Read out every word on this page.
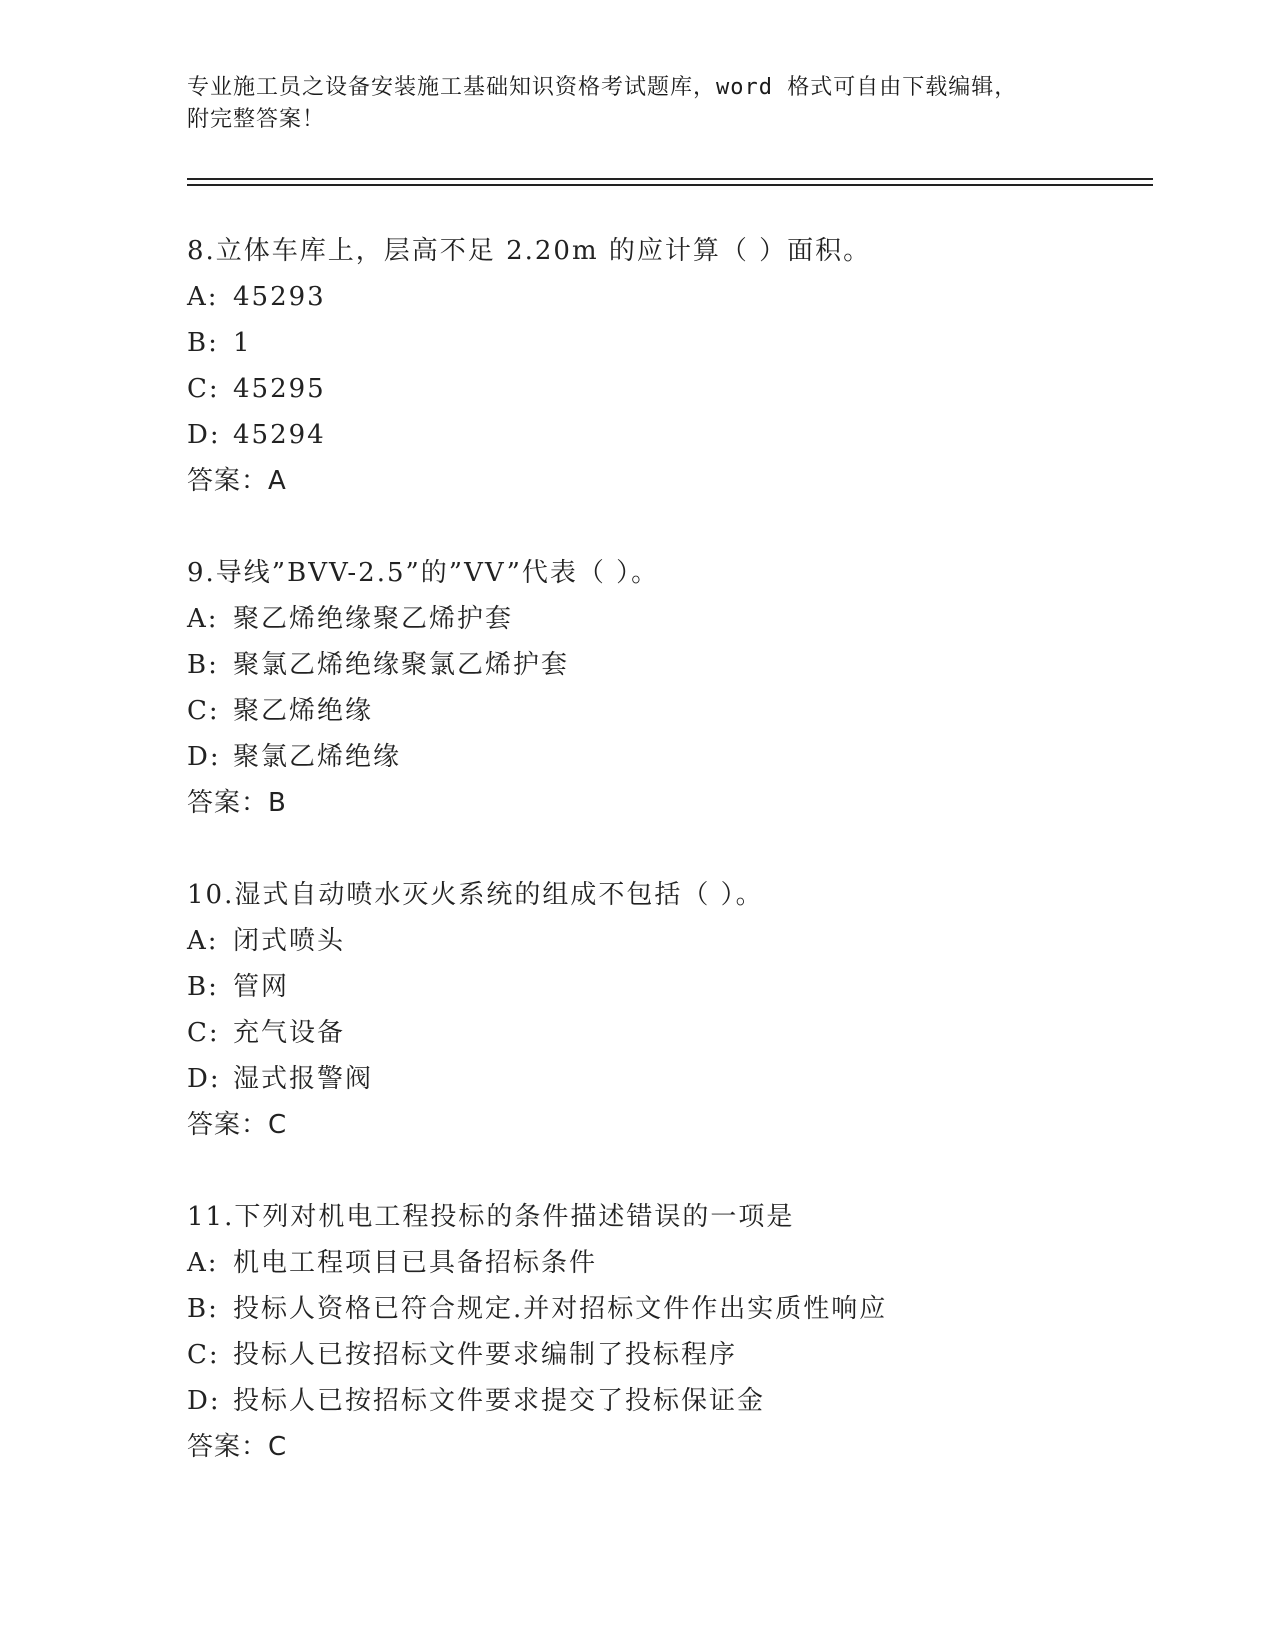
专业施工员之设备安装施工基础知识资格考试题库，word 格式可自由下载编辑，
附完整答案！
8.立体车库上，层高不足 2.20m 的应计算（ ）面积。
A: 45293
B: 1
C: 45295
D: 45294
答案：A
9.导线”BVV-2.5”的”VV”代表（ ）。
A: 聚乙烯绝缘聚乙烯护套
B: 聚氯乙烯绝缘聚氯乙烯护套
C: 聚乙烯绝缘
D: 聚氯乙烯绝缘
答案：B
10.湿式自动喷水灭火系统的组成不包括（ ）。
A: 闭式喷头
B: 管网
C: 充气设备
D: 湿式报警阀
答案：C
11.下列对机电工程投标的条件描述错误的一项是
A: 机电工程项目已具备招标条件
B: 投标人资格已符合规定.并对招标文件作出实质性响应
C: 投标人已按招标文件要求编制了投标程序
D: 投标人已按招标文件要求提交了投标保证金
答案：C
